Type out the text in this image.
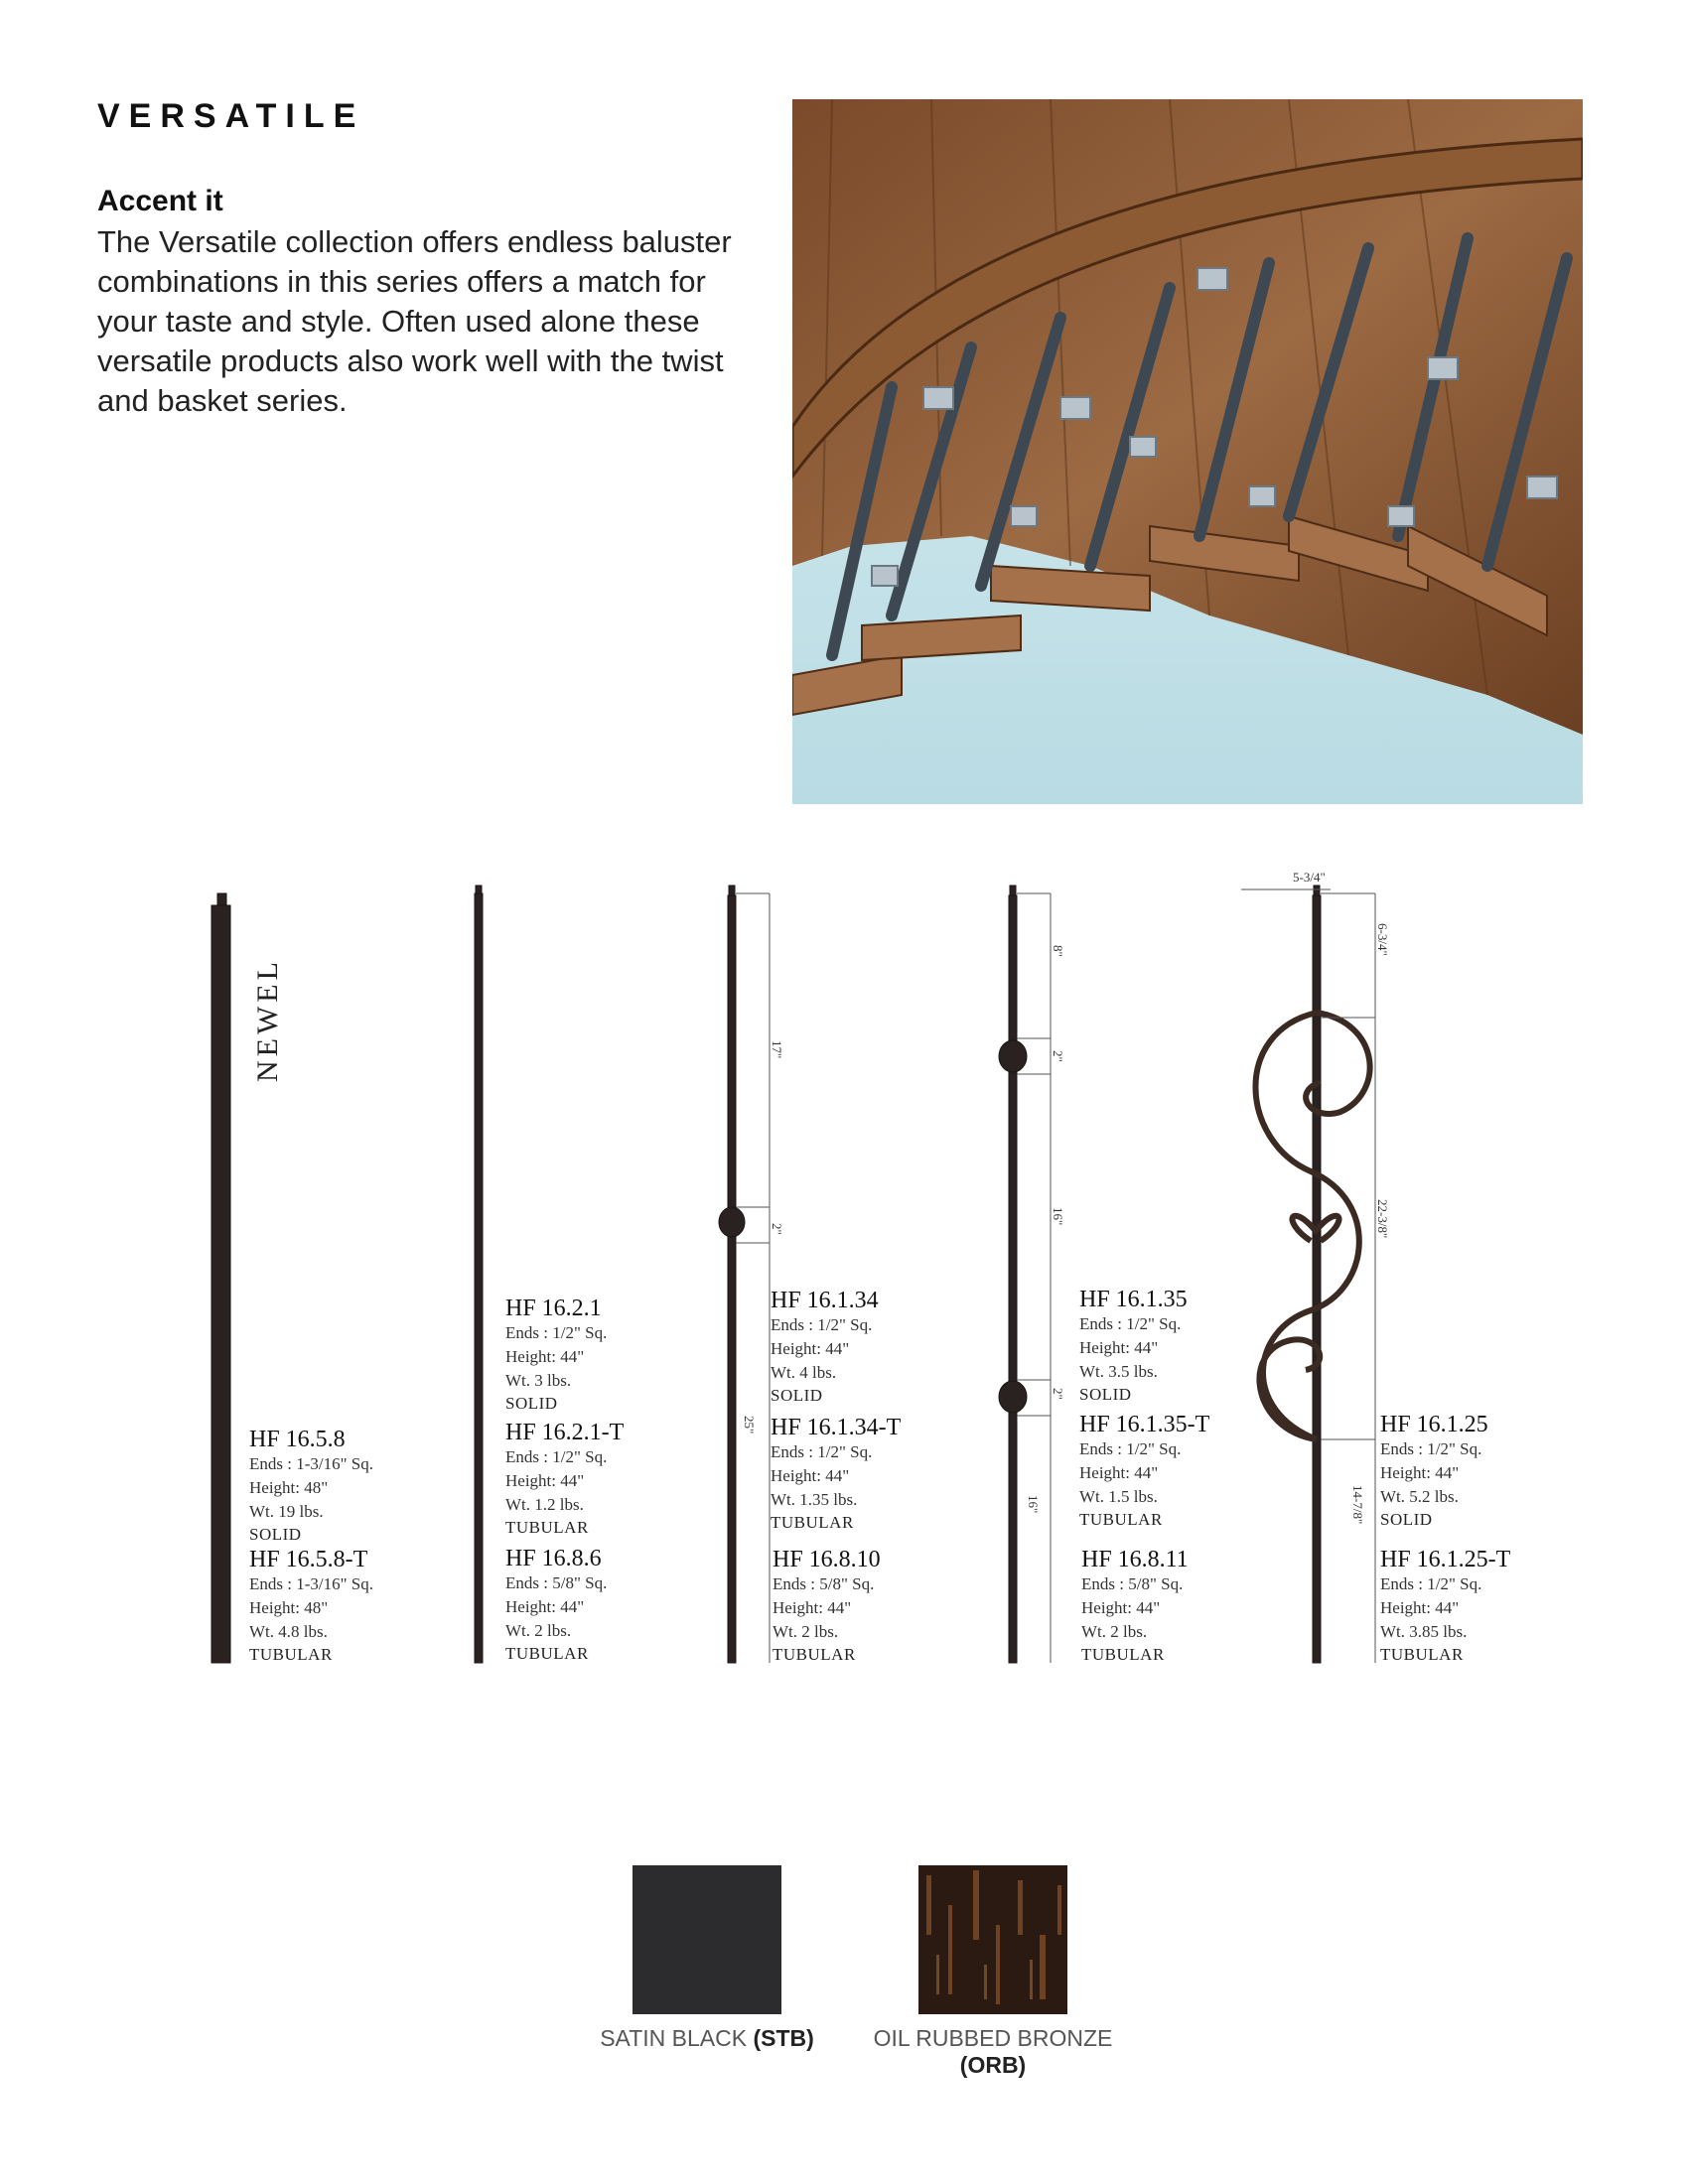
VERSATILE
Accent it
The Versatile collection offers endless baluster combinations in this series offers a match for your taste and style. Often used alone these versatile products also work well with the twist and basket series.
NEWEL	17"
2"
25"
8"
2"
16"
2"
16"
5-3/4"
6-3/4"
22-3/8"
14-7/8"
HF 16.5.8
Ends : 1-3/16" Sq.
Height: 48"
Wt. 19 lbs.
SOLID
HF 16.5.8-T
Ends : 1-3/16" Sq.
Height: 48"
Wt. 4.8 lbs.
TUBULAR
HF 16.2.1
Ends : 1/2" Sq.
Height: 44"
Wt. 3 lbs.
SOLID
HF 16.2.1-T
Ends : 1/2" Sq.
Height: 44"
Wt. 1.2 lbs.
TUBULAR
HF 16.8.6
Ends : 5/8" Sq.
Height: 44"
Wt. 2 lbs.
TUBULAR
HF 16.1.34
Ends : 1/2" Sq.
Height: 44"
Wt. 4 lbs.
SOLID
HF 16.1.34-T
Ends : 1/2" Sq.
Height: 44"
Wt. 1.35 lbs.
TUBULAR
HF 16.8.10
Ends : 5/8" Sq.
Height: 44"
Wt. 2 lbs.
TUBULAR
HF 16.1.35
Ends : 1/2" Sq.
Height: 44"
Wt. 3.5 lbs.
SOLID
HF 16.1.35-T
Ends : 1/2" Sq.
Height: 44"
Wt. 1.5 lbs.
TUBULAR
HF 16.8.11
Ends : 5/8" Sq.
Height: 44"
Wt. 2 lbs.
TUBULAR
HF 16.1.25
Ends : 1/2" Sq.
Height: 44"
Wt. 5.2 lbs.
SOLID
HF 16.1.25-T
Ends : 1/2" Sq.
Height: 44"
Wt. 3.85 lbs.
TUBULAR
SATIN BLACK (STB)	OIL RUBBED BRONZE
(ORB)
